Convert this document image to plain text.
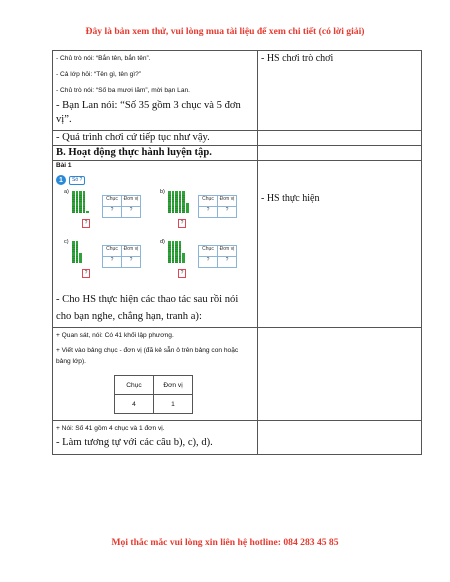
Đây là bản xem thử, vui lòng mua tài liệu để xem chi tiết (có lời giải)
- Chủ trò nói: “Bắn tên, bắn tên”.
- Cả lớp hỏi: “Tên gì, tên gì?”
- Chủ trò nói: “Số ba mươi lăm”, mời bạn Lan.
- Bạn Lan nói: “Số 35 gồm 3 chục và 5 đơn vị”.

- HS chơi trò chơi

- Quá trình chơi cứ tiếp tục như vậy.

B. Hoạt động thực hành luyện tập.

Bài 1
1	Số ?
a)
Chục	Đơn vị
?	?
?
b)
Chục	Đơn vị
?	?
?
c)
Chục	Đơn vị
?	?
?
d)
Chục	Đơn vị
?	?
?
- Cho HS thực hiện các thao tác sau rồi nói cho bạn nghe, chẳng hạn, tranh a):

- HS thực hiện

+ Quan sát, nói: Có 41 khối lập phương.
+ Viết vào bảng chục - đơn vị (đã kẻ sẵn ô trên bảng con hoặc bảng lớp).
Chục	Đơn vị
4	1

+ Nói: Số 41 gồm 4 chục và 1 đơn vị.
- Làm tương tự với các câu b), c), d).

Mọi thắc mắc vui lòng xin liên hệ hotline: 084 283 45 85
